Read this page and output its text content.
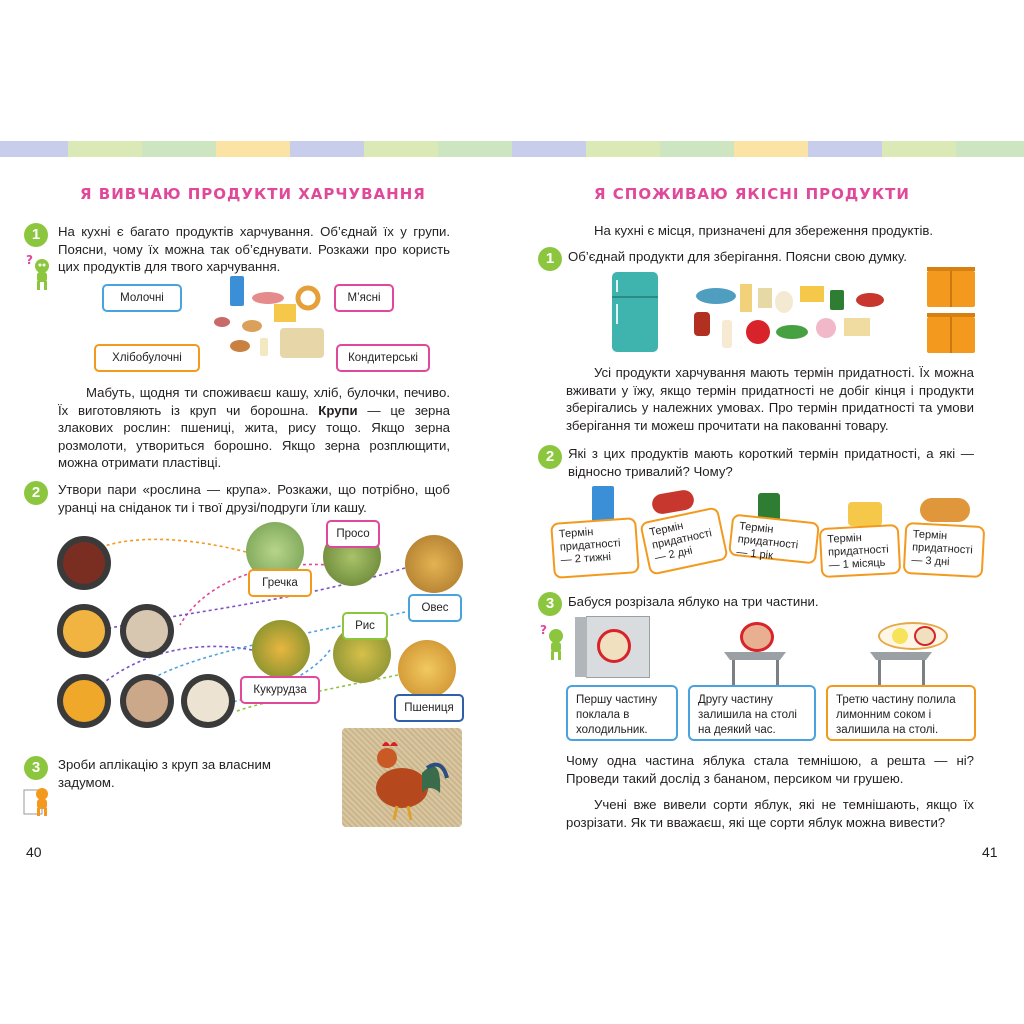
Я ВИВЧАЮ ПРОДУКТИ ХАРЧУВАННЯ
1
?
На кухні є багато продуктів харчування. Об’єднай їх у групи. Поясни, чому їх можна так об’єднувати. Розкажи про користь цих продуктів для твого харчування.
Молочні	М’ясні
Хлібобулочні	Кондитерські
Мабуть, щодня ти споживаєш кашу, хліб, булочки, печиво. Їх виготовляють із круп чи борошна. Крупи — це зерна злакових рослин: пшениці, жита, рису тощо. Якщо зерна розмолоти, утвориться борошно. Якщо зерна розплющити, можна отримати пластівці.
2	Утвори пари «рослина — крупа». Розкажи, що потрібно, щоб уранці на сніданок ти і твої друзі/подруги їли кашу.
Просо
Гречка
Овес
Рис
Кукурудза
Пшениця
3	Зроби аплікацію з круп за власним задумом.
40
Я СПОЖИВАЮ ЯКІСНІ ПРОДУКТИ
На кухні є місця, призначені для збереження продуктів.
1	Об’єднай продукти для зберігання. Поясни свою думку.
Усі продукти харчування мають термін придатності. Їх можна вживати у їжу, якщо термін придатності не добіг кінця і продукти зберігались у належних умовах. Про термін придатності та умови зберігання ти можеш прочитати на пакованні товару.
2	Які з цих продуктів мають короткий термін придатності, а які — відносно тривалий? Чому?
Термін придатності — 2 тижні
Термін придатності — 2 дні
Термін придатності — 1 рік
Термін придатності — 1 місяць
Термін придатності — 3 дні
3
?
Бабуся розрізала яблуко на три частини.
Першу частину поклала в холодильник.
Другу частину залишила на столі на деякий час.
Третю частину полила лимонним соком і залишила на столі.
Чому одна частина яблука стала темнішою, а решта — ні? Проведи такий дослід з бананом, персиком чи грушею.
Учені вже вивели сорти яблук, які не темнішають, якщо їх розрізати. Як ти вважаєш, які ще сорти яблук можна вивести?
41
